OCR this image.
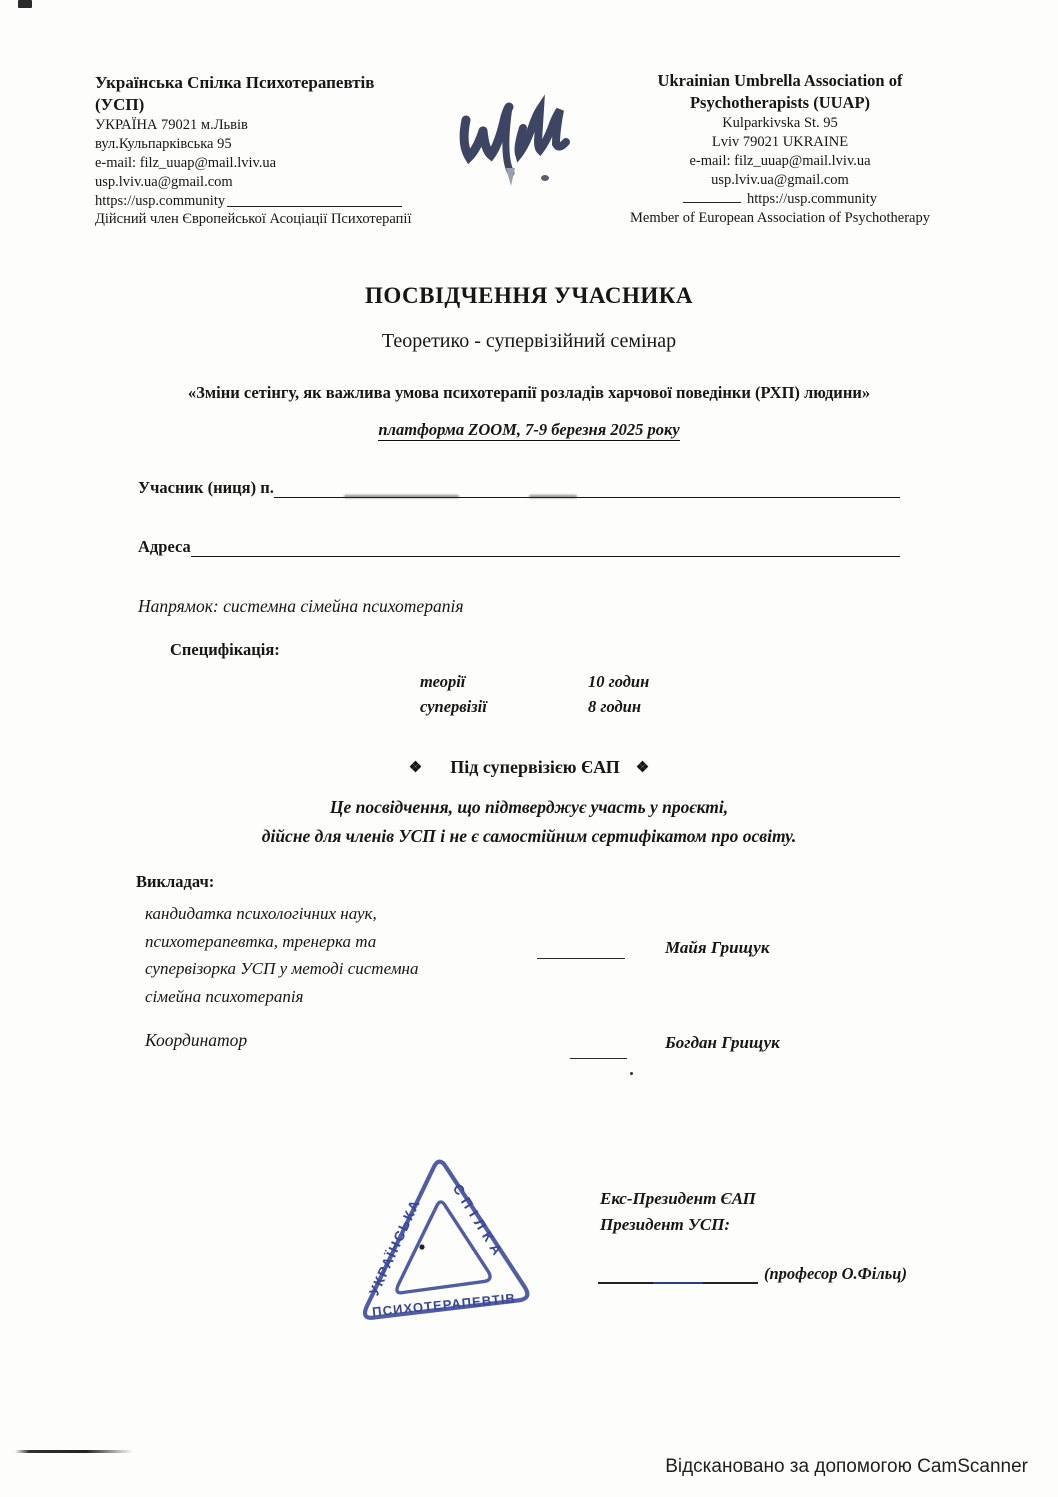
Українська Спілка Психотерапевтів
(УСП)
УКРАЇНА 79021 м.Львів
вул.Кульпарківська 95
e-mail: filz_uuap@mail.lviv.ua
usp.lviv.ua@gmail.com
https://usp.community
Дійсний член Європейської Асоціації Психотерапії
Ukrainian Umbrella Association of
Psychotherapists (UUAP)
Kulparkivska St. 95
Lviv 79021 UKRAINE
e-mail: filz_uuap@mail.lviv.ua
usp.lviv.ua@gmail.com
https://usp.community
Member of European Association of Psychotherapy
ПОСВІДЧЕННЯ УЧАСНИКА
Теоретико - супервізійний семінар
«Зміни сетінгу, як важлива умова психотерапії розладів харчової поведінки (РХП) людини»
платформа ZOOM, 7-9 березня 2025 року
Учасник (ниця) п.
Адреса
Напрямок: системна сімейна психотерапія
Специфікація:
теорії	10 годин
супервізії	8 годин
❖ Під супервізією ЄАП ❖
Це посвідчення, що підтверджує участь у проєкті,
дійсне для членів УСП і не є самостійним сертифікатом про освіту.
Викладач:
кандидатка психологічних наук,
психотерапевтка, тренерка та
супервізорка УСП у методі системна
сімейна психотерапія
Майя Грищук
Координатор	Богдан Грищук
УКРАЇНСЬКА
СПІЛКА
ПСИХОТЕРАПЕВТІВ
Екс-Президент ЄАП
Президент УСП:
(професор О.Фільц)
Відскановано за допомогою CamScanner
